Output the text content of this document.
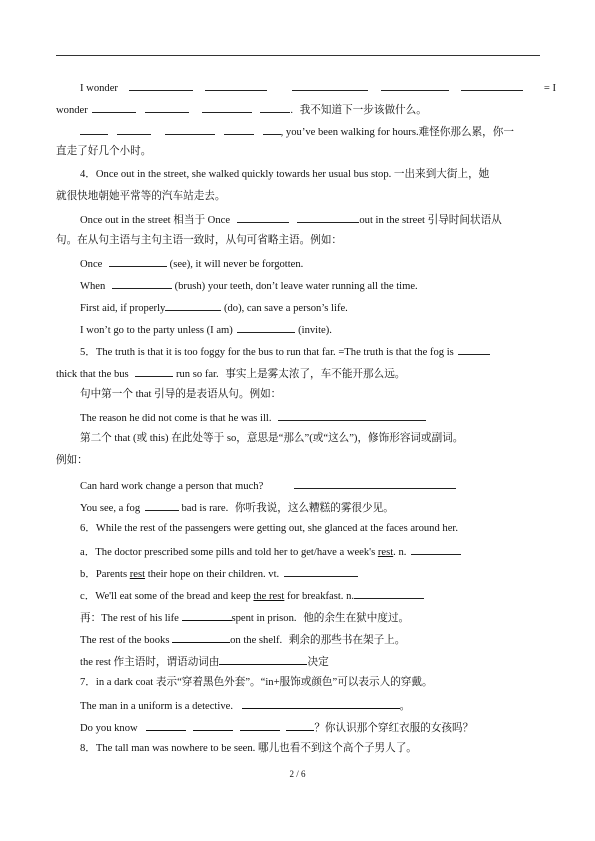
I wonder	= I
wonder	. 我不知道下一步该做什么。
, you’ve been walking for hours.难怪你那么累，你一
直走了好几个小时。
4．Once out in the street, she walked quickly towards her usual bus stop. 一出来到大街上，她
就很快地朝她平常等的汽车站走去。
Once out in the street 相当于 Once	out in the street 引导时间状语从
句。在从句主语与主句主语一致时，从句可省略主语。例如：
Once	(see), it will never be forgotten.
When	(brush) your teeth, don’t leave water running all the time.
First aid, if properly	(do), can save a person’s life.
I won’t go to the party unless (I am)	(invite).
5．The truth is that it is too foggy for the bus to run that far. =The truth is that the fog is
thick that the bus	run so far. 事实上是雾太浓了，车不能开那么远。
句中第一个 that 引导的是表语从句。例如：
The reason he did not come is that he was ill.
第二个 that (或 this) 在此处等于 so，意思是“那么”(或“这么”)，修饰形容词或副词。
例如：
Can hard work change a person that much?
You see, a fog	bad is rare. 你听我说，这么糟糕的雾很少见。
6．While the rest of the passengers were getting out, she glanced at the faces around her.
a．The doctor prescribed some pills and told her to get/have a week's rest. n.
b．Parents rest their hope on their children. vt.
c．We'll eat some of the bread and keep the rest for breakfast. n.
再：The rest of his life	spent in prison. 他的余生在狱中度过。
The rest of the books	on the shelf. 剩余的那些书在架子上。
the rest 作主语时，谓语动词由	决定
7．in a dark coat 表示“穿着黑色外套”。“in+服饰或颜色”可以表示人的穿戴。
The man in a uniform is a detective.	。
Do you know	？你认识那个穿红衣服的女孩吗？
8．The tall man was nowhere to be seen. 哪儿也看不到这个高个子男人了。
2 / 6
